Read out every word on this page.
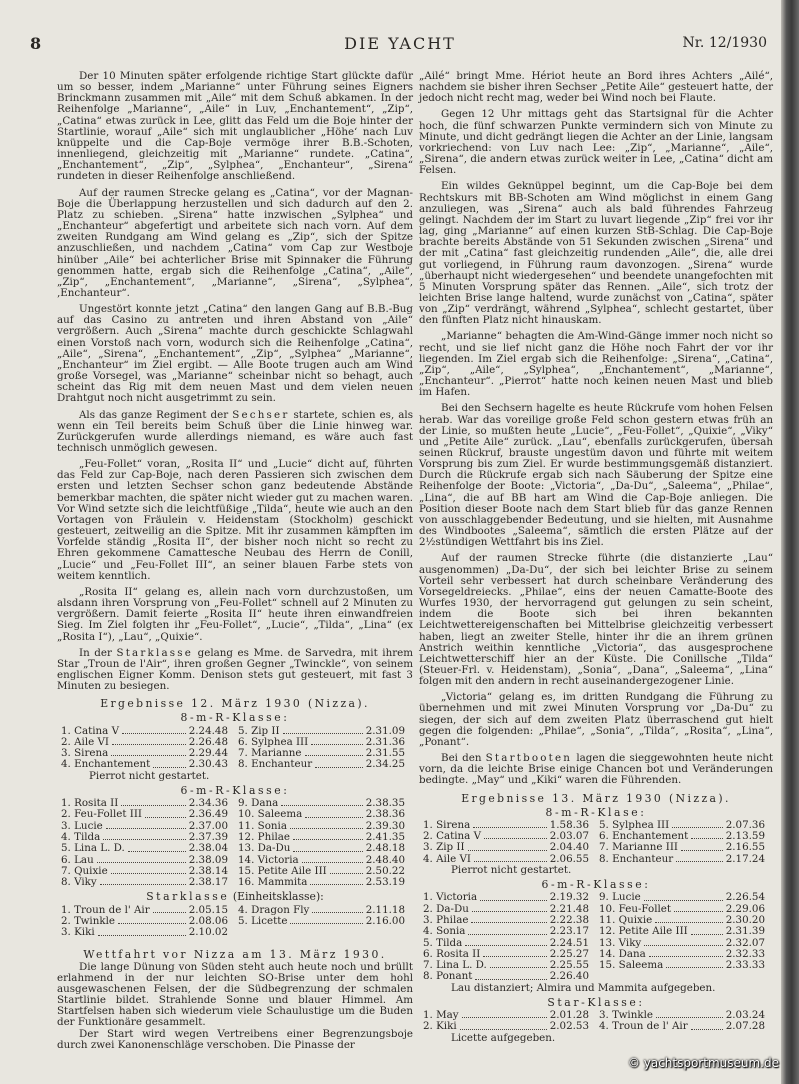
8	DIE YACHT	Nr. 12/1930

Der 10 Minuten später erfolgende richtige Start glückte dafür um so besser, indem „Marianne“ unter Führung seines Eigners Brinckmann zusammen mit „Aile“ mit dem Schuß abkamen. In der Reihenfolge „Marianne“, „Aile“ in Luv, „Enchantement“, „Zip“, „Catina“ etwas zurück in Lee, glitt das Feld um die Boje hinter der Startlinie, worauf „Aile“ sich mit unglaublicher „Höhe‘ nach Luv knüppelte und die Cap-Boje vermöge ihrer B.B.-Schoten, innenliegend, gleichzeitig mit „Marianne“ rundete. „Catina“, „Enchantement“, „Zip“, „Sylphea“, „Enchanteur“, „Sirena“ rundeten in dieser Reihenfolge anschließend.

Auf der raumen Strecke gelang es „Catina“, vor der Magnan-Boje die Überlappung herzustellen und sich dadurch auf den 2. Platz zu schieben. „Sirena“ hatte inzwischen „Sylphea“ und „Enchanteur“ abgefertigt und arbeitete sich nach vorn. Auf dem zweiten Rundgang am Wind gelang es „Zip“, sich der Spitze anzuschließen, und nachdem „Catina“ vom Cap zur Westboje hinüber „Aile“ bei achterlicher Brise mit Spinnaker die Führung genommen hatte, ergab sich die Reihenfolge „Catina“, „Aile“, „Zip“, „Enchantement“, „Marianne“, „Sirena“, „Sylphea“, ‚Enchanteur“.

Ungestört konnte jetzt „Catina“ den langen Gang auf B.B.-Bug auf das Casino zu antreten und ihren Abstand von „Aile“ vergrößern. Auch „Sirena“ machte durch geschickte Schlagwahl einen Vorstoß nach vorn, wodurch sich die Reihenfolge „Catina“, „Aile“, „Sirena“, „Enchantement“, „Zip“, „Sylphea“ „Marianne“, „Enchanteur“ im Ziel ergibt. — Alle Boote trugen auch am Wind große Vorsegel, was „Marianne“ scheinbar nicht so behagt, auch scheint das Rig mit dem neuen Mast und dem vielen neuen Drahtgut noch nicht ausgetrimmt zu sein.

Als das ganze Regiment der Sechser startete, schien es, als wenn ein Teil bereits beim Schuß über die Linie hinweg war. Zurückgerufen wurde allerdings niemand, es wäre auch fast technisch unmöglich gewesen.

„Feu-Follet“ voran, „Rosita II“ und „Lucie“ dicht auf, führten das Feld zur Cap-Boje, nach deren Passieren sich zwischen dem ersten und letzten Sechser schon ganz bedeutende Abstände bemerkbar machten, die später nicht wieder gut zu machen waren. Vor Wind setzte sich die leichtfüßige „Tilda“, heute wie auch an den Vortagen von Fräulein v. Heidenstam (Stockholm) geschickt gesteuert, zeitweilig an die Spitze. Mit ihr zusammen kämpften im Vorfelde ständig „Rosita II“, der bisher noch nicht so recht zu Ehren gekommene Camattesche Neubau des Herrn de Conill, „Lucie“ und „Feu-Follet III“, an seiner blauen Farbe stets von weitem kenntlich.

„Rosita II“ gelang es, allein nach vorn durchzustoßen, um alsdann ihren Vorsprung von „Feu-Follet“ schnell auf 2 Minuten zu vergrößern. Damit feierte „Rosita II“ heute ihren einwandfreien Sieg. Im Ziel folgten ihr „Feu-Follet“, „Lucie“, „Tilda“, „Lina“ (ex „Rosita I“), „Lau“, „Quixie“.

In der Starklasse gelang es Mme. de Sarvedra, mit ihrem Star „Troun de l'Air“, ihren großen Gegner „Twinckle“, von seinem englischen Eigner Komm. Denison stets gut gesteuert, mit fast 3 Minuten zu besiegen.

Ergebnisse 12. März 1930 (Nizza).
8-m-R-Klasse:
1. Catina V	2.24.48 5. Zip II	2.31.09
2. Aile VI	2.26.48 6. Sylphea III	2.31.36
3. Sirena	2.29.44 7. Marianne	2.31.55
4. Enchantement	2.30.43 8. Enchanteur	2.34.25
Pierrot nicht gestartet.
6-m-R-Klasse:
1. Rosita II	2.34.36 9. Dana	2.38.35
2. Feu-Follet III	2.36.49 10. Saleema	2.38.36
3. Lucie	2.37.00 11. Sonia	2.39.30
4. Tilda	2.37.39 12. Philae	2.41.35
5. Lina L. D.	2.38.04 13. Da-Du	2.48.18
6. Lau	2.38.09 14. Victoria	2.48.40
7. Quixie	2.38.14 15. Petite Aile III	2.50.22
8. Viky	2.38.17 16. Mammita	2.53.19
Starklasse (Einheitsklasse):
1. Troun de l' Air	2.05.15 4. Dragon Fly	2.11.18
2. Twinkle	2.08.06 5. Licette	2.16.00
3. Kiki	2.10.02
Wettfahrt vor Nizza am 13. März 1930.

Die lange Dünung von Süden steht auch heute noch und brüllt erlahmend in der nur leichten SO-Brise unter dem hohl ausgewaschenen Felsen, der die Südbegrenzung der schmalen Startlinie bildet. Strahlende Sonne und blauer Himmel. Am Startfelsen haben sich wiederum viele Schaulustige um die Buden der Funktionäre gesammelt.

Der Start wird wegen Vertreibens einer Begrenzungsboje durch zwei Kanonenschläge verschoben. Die Pinasse der

„Ailé“ bringt Mme. Hériot heute an Bord ihres Achters „Ailé“, nachdem sie bisher ihren Sechser „Petite Aile“ gesteuert hatte, der jedoch nicht recht mag, weder bei Wind noch bei Flaute.

Gegen 12 Uhr mittags geht das Startsignal für die Achter hoch, die fünf schwarzen Punkte vermindern sich von Minute zu Minute, und dicht gedrängt liegen die Achter an der Linie, langsam vorkriechend: von Luv nach Lee: „Zip“, „Marianne“, „Aile“, „Sirena“, die andern etwas zurück weiter in Lee, „Catina“ dicht am Felsen.

Ein wildes Geknüppel beginnt, um die Cap-Boje bei dem Rechtskurs mit BB-Schoten am Wind möglichst in einem Gang anzuliegen, was „Sirena“ auch als bald führendes Fahrzeug gelingt. Nachdem der im Start zu luvart liegende „Zip“ frei vor ihr lag, ging „Marianne“ auf einen kurzen StB-Schlag. Die Cap-Boje brachte bereits Abstände von 51 Sekunden zwischen „Sirena“ und der mit „Catina“ fast gleichzeitig rundenden „Aile“, die, alle drei gut vorliegend, in Führung raum davonzogen. „Sirena“ wurde „überhaupt nicht wiedergesehen“ und beendete unangefochten mit 5 Minuten Vorsprung später das Rennen. „Aile“, sich trotz der leichten Brise lange haltend, wurde zunächst von „Catina“, später von „Zip“ verdrängt, während „Sylphea“, schlecht gestartet, über den fünften Platz nicht hinauskam.

„Marianne“ behagten die Am-Wind-Gänge immer noch nicht so recht, und sie lief nicht ganz die Höhe noch Fahrt der vor ihr liegenden. Im Ziel ergab sich die Reihenfolge: „Sirena“, „Catina“, „Zip“, „Aile“, „Sylphea“, „Enchantement“, „Marianne“, „Enchanteur“. „Pierrot“ hatte noch keinen neuen Mast und blieb im Hafen.

Bei den Sechsern hagelte es heute Rückrufe vom hohen Felsen herab. War das voreilige große Feld schon gestern etwas früh an der Linie, so mußten heute „Lucie“, „Feu-Follet“, „Quixie“, „Viky“ und „Petite Aile“ zurück. „Lau“, ebenfalls zurückgerufen, übersah seinen Rückruf, brauste ungestüm davon und führte mit weitem Vorsprung bis zum Ziel. Er wurde bestimmungsgemäß distanziert. Durch die Rückrufe ergab sich nach Säuberung der Spitze eine Reihenfolge der Boote: „Victoria“, „Da-Du“, „Saleema“, „Philae“, „Lina“, die auf BB hart am Wind die Cap-Boje anliegen. Die Position dieser Boote nach dem Start blieb für das ganze Rennen von ausschlaggebender Bedeutung, und sie hielten, mit Ausnahme des Windbootes „Saleema“, sämtlich die ersten Plätze auf der 2½stündigen Wettfahrt bis ins Ziel.

Auf der raumen Strecke führte (die distanzierte „Lau“ ausgenommen) „Da-Du“, der sich bei leichter Brise zu seinem Vorteil sehr verbessert hat durch scheinbare Veränderung des Vorsegeldreiecks. „Philae“, eins der neuen Camatte-Boote des Wurfes 1930, der hervorragend gut gelungen zu sein scheint, indem die Boote sich bei ihren bekannten Leichtwettereigenschaften bei Mittelbrise gleichzeitig verbessert haben, liegt an zweiter Stelle, hinter ihr die an ihrem grünen Anstrich weithin kenntliche „Victoria“, das ausgesprochene Leichtwetterschiff hier an der Küste. Die Conillsche „Tilda“ (Steuer-Frl. v. Heidenstam), „Sonia“, „Dana“, „Saleema“, „Lina“ folgen mit den andern in recht auseinandergezogener Linie.

„Victoria“ gelang es, im dritten Rundgang die Führung zu übernehmen und mit zwei Minuten Vorsprung vor „Da-Du“ zu siegen, der sich auf dem zweiten Platz überraschend gut hielt gegen die folgenden: „Philae“, „Sonia“, „Tilda“, „Rosita“, „Lina“, „Ponant“.

Bei den Startbooten lagen die sieggewohnten heute nicht vorn, da die leichte Brise einige Chancen bot und Veränderungen bedingte. „May“ und „Kiki“ waren die Führenden.

Ergebnisse 13. März 1930 (Nizza).
8-m-R-Klase:
1. Sirena	1.58.36 5. Sylphea III	2.07.36
2. Catina V	2.03.07 6. Enchantement	2.13.59
3. Zip II	2.04.40 7. Marianne III	2.16.55
4. Aile VI	2.06.55 8. Enchanteur	2.17.24
Pierrot nicht gestartet.
6-m-R-Klasse:
1. Victoria	2.19.32 9. Lucie	2.26.54
2. Da-Du	2.21.48 10. Feu-Follet	2.29.06
3. Philae	2.22.38 11. Quixie	2.30.20
4. Sonia	2.23.17 12. Petite Aile III	2.31.39
5. Tilda	2.24.51 13. Viky	2.32.07
6. Rosita II	2.25.27 14. Dana	2.32.33
7. Lina L. D.	2.25.55 15. Saleema	2.33.33
8. Ponant	2.26.40
Lau distanziert; Almira und Mammita aufgegeben.
Star-Klasse:
1. May	2.01.28 3. Twinkle	2.03.24
2. Kiki	2.02.53 4. Troun de l' Air	2.07.28
Licette aufgegeben.
© yachtsportmuseum.de
